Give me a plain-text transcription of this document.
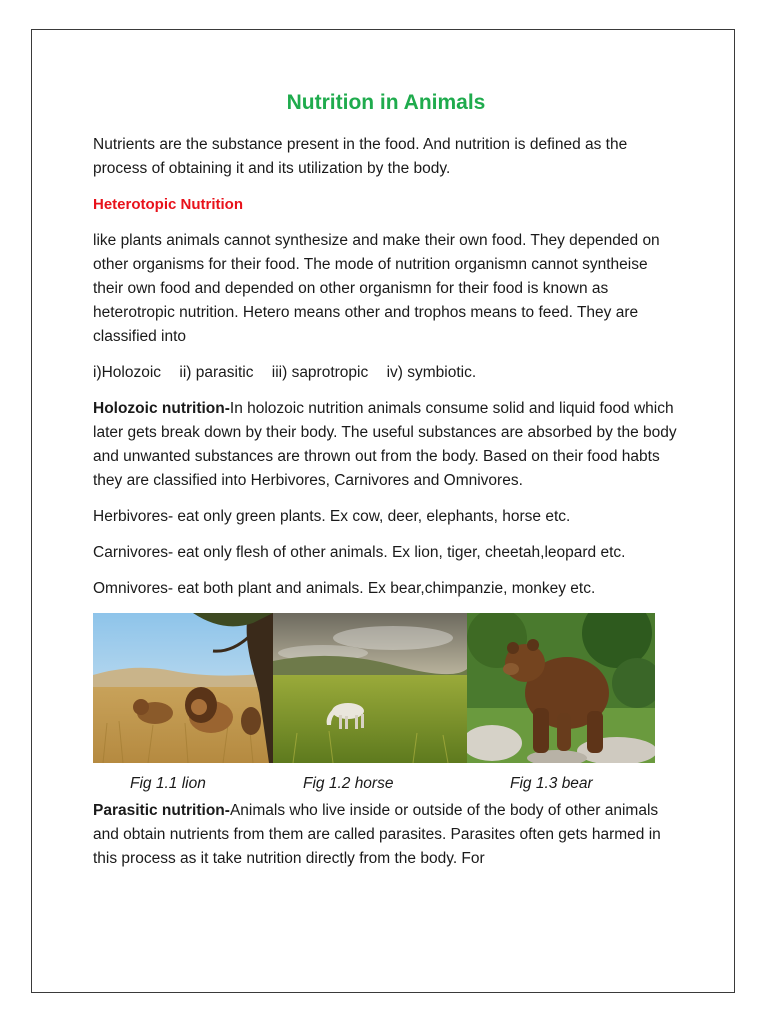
Nutrition in Animals

Nutrients are the substance present in the food. And nutrition is defined as the process of obtaining it and its utilization by the body.

Heterotopic Nutrition

like plants animals cannot synthesize and make their own food. They depended on other organisms for their food. The mode of nutrition organismn cannot syntheise their own food and depended on other organismn for their food is known as heterotropic nutrition. Hetero means other and trophos means to feed. They are classified into

i)Holozoic ii) parasitic iii) saprotropic iv) symbiotic.

Holozoic nutrition-In holozoic nutrition animals consume solid and liquid food which later gets break down by their body. The useful substances are absorbed by the body and unwanted substances are thrown out from the body. Based on their food habts they are classified into Herbivores, Carnivores and Omnivores.

Herbivores- eat only green plants. Ex cow, deer, elephants, horse etc.

Carnivores- eat only flesh of other animals. Ex lion, tiger, cheetah,leopard etc.

Omnivores- eat both plant and animals. Ex bear,chimpanzie, monkey etc.

Fig 1.1 lion	Fig 1.2 horse	Fig 1.3 bear

Parasitic nutrition-Animals who live inside or outside of the body of other animals and obtain nutrients from them are called parasites. Parasites often gets harmed in this process as it take nutrition directly from the body. For
